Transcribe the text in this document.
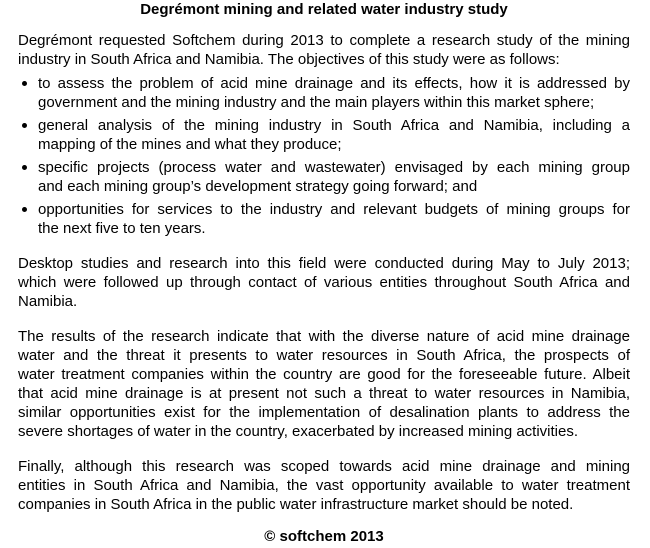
Degrémont mining and related water industry study
Degrémont requested Softchem during 2013 to complete a research study of the mining
industry in South Africa and Namibia. The objectives of this study were as follows:
to assess the problem of acid mine drainage and its effects, how it is addressed by
government and the mining industry and the main players within this market sphere;
general analysis of the mining industry in South Africa and Namibia, including a
mapping of the mines and what they produce;
specific projects (process water and wastewater) envisaged by each mining group
and each mining group’s development strategy going forward; and
opportunities for services to the industry and relevant budgets of mining groups for
the next five to ten years.
Desktop studies and research into this field were conducted during May to July 2013;
which were followed up through contact of various entities throughout South Africa and
Namibia.
The results of the research indicate that with the diverse nature of acid mine drainage
water and the threat it presents to water resources in South Africa, the prospects of
water treatment companies within the country are good for the foreseeable future. Albeit
that acid mine drainage is at present not such a threat to water resources in Namibia,
similar opportunities exist for the implementation of desalination plants to address the
severe shortages of water in the country, exacerbated by increased mining activities.
Finally, although this research was scoped towards acid mine drainage and mining
entities in South Africa and Namibia, the vast opportunity available to water treatment
companies in South Africa in the public water infrastructure market should be noted.
© softchem 2013
